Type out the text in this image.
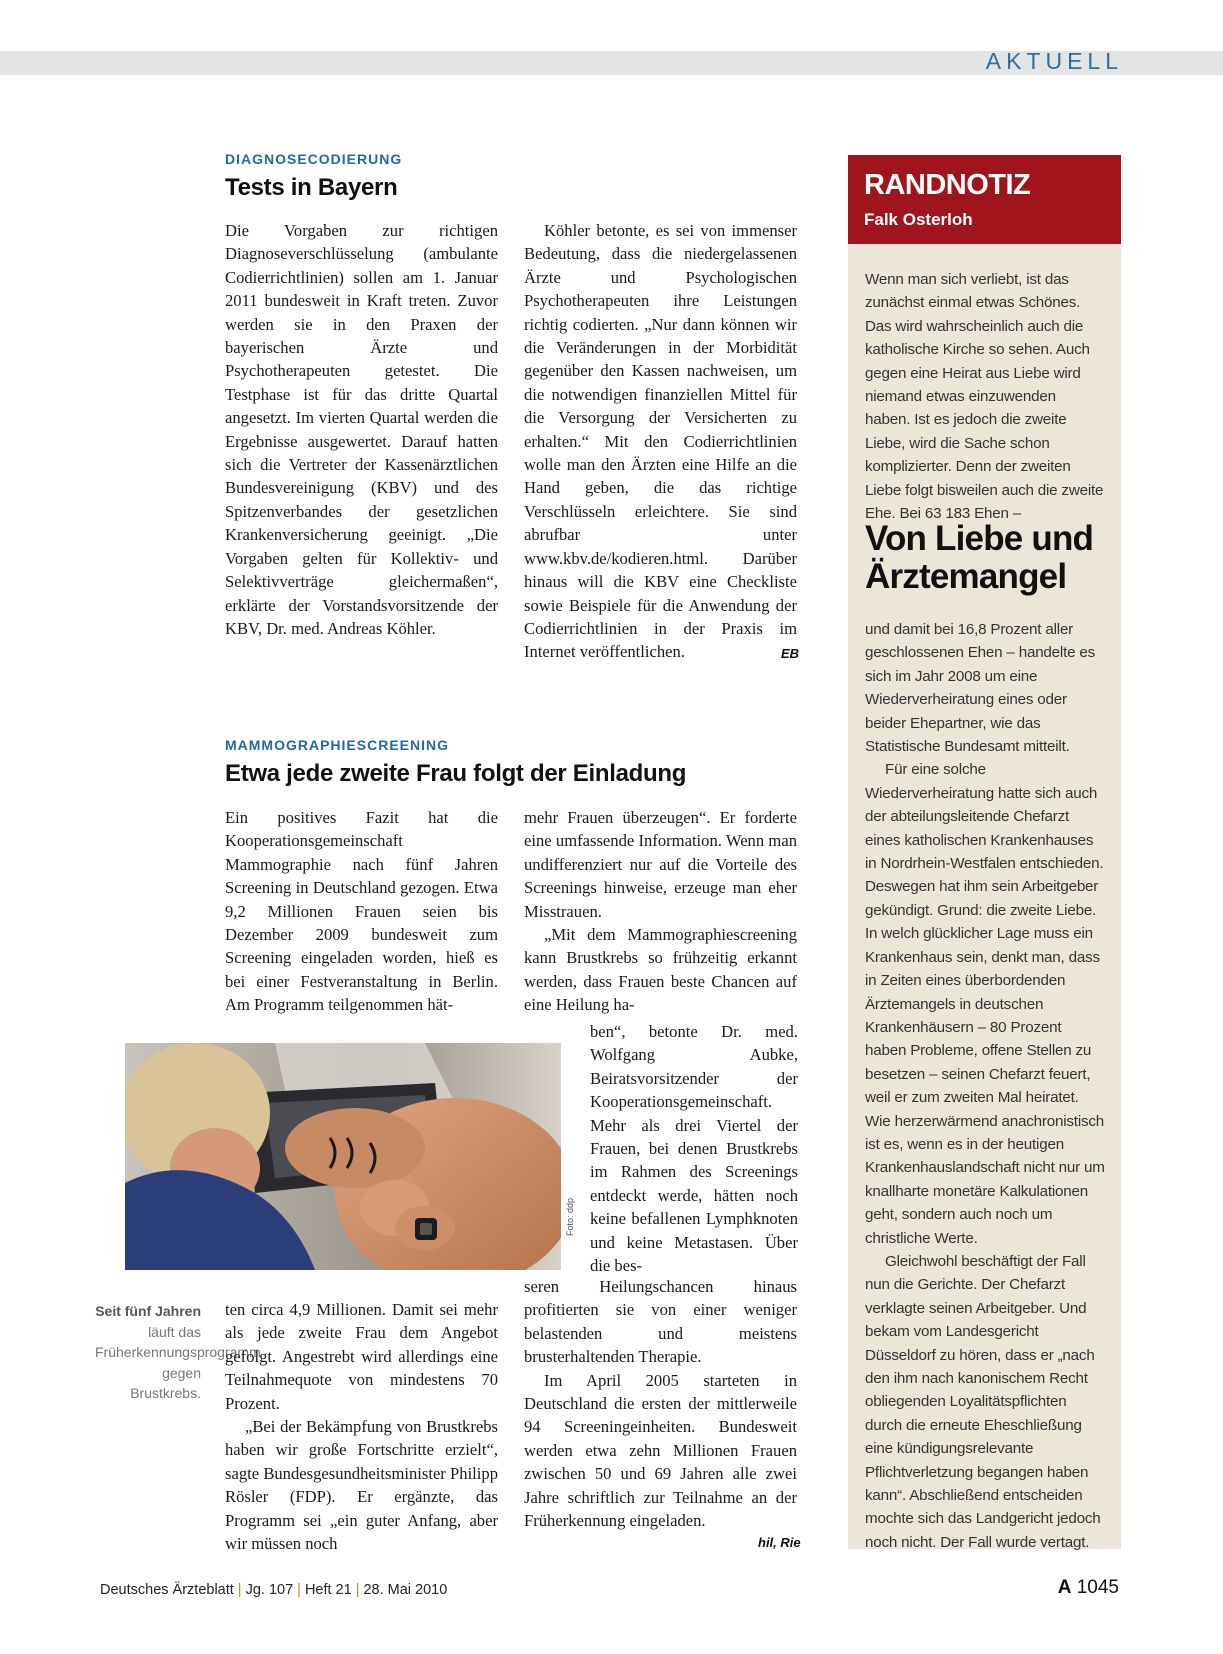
AKTUELL
DIAGNOSECODIERUNG
Tests in Bayern

Die Vorgaben zur richtigen Diagnoseverschlüsselung (ambulante Codierrichtlinien) sollen am 1. Januar 2011 bundesweit in Kraft treten. Zuvor werden sie in den Praxen der bayerischen Ärzte und Psychotherapeuten getestet. Die Testphase ist für das dritte Quartal angesetzt. Im vierten Quartal werden die Ergebnisse ausgewertet. Darauf hatten sich die Vertreter der Kassenärztlichen Bundesvereinigung (KBV) und des Spitzenverbandes der gesetzlichen Krankenversicherung geeinigt. „Die Vorgaben gelten für Kollektiv- und Selektivverträge gleichermaßen“, erklärte der Vorstandsvorsitzende der KBV, Dr. med. Andreas Köhler.

Köhler betonte, es sei von immenser Bedeutung, dass die niedergelassenen Ärzte und Psychologischen Psychotherapeuten ihre Leistungen richtig codierten. „Nur dann können wir die Veränderungen in der Morbidität gegenüber den Kassen nachweisen, um die notwendigen finanziellen Mittel für die Versorgung der Versicherten zu erhalten.“ Mit den Codierrichtlinien wolle man den Ärzten eine Hilfe an die Hand geben, die das richtige Verschlüsseln erleichtere. Sie sind abrufbar unter www.kbv.de/kodieren.html. Darüber hinaus will die KBV eine Checkliste sowie Beispiele für die Anwendung der Codierrichtlinien in der Praxis im Internet veröffentlichen.	EB
MAMMOGRAPHIESCREENING
Etwa jede zweite Frau folgt der Einladung

Ein positives Fazit hat die Kooperationsgemeinschaft Mammographie nach fünf Jahren Screening in Deutschland gezogen. Etwa 9,2 Millionen Frauen seien bis Dezember 2009 bundesweit zum Screening eingeladen worden, hieß es bei einer Festveranstaltung in Berlin. Am Programm teilgenommen hät-

Foto: ddp
Seit fünf Jahren läuft das Früherkennungsprogramm gegen Brustkrebs.

ten circa 4,9 Millionen. Damit sei mehr als jede zweite Frau dem Angebot gefolgt. Angestrebt wird allerdings eine Teilnahmequote von mindestens 70 Prozent.

„Bei der Bekämpfung von Brustkrebs haben wir große Fortschritte erzielt“, sagte Bundesgesundheitsminister Philipp Rösler (FDP). Er ergänzte, das Programm sei „ein guter Anfang, aber wir müssen noch

mehr Frauen überzeugen“. Er forderte eine umfassende Information. Wenn man undifferenziert nur auf die Vorteile des Screenings hinweise, erzeuge man eher Misstrauen.

„Mit dem Mammographiescreening kann Brustkrebs so frühzeitig erkannt werden, dass Frauen beste Chancen auf eine Heilung ha-

ben“, betonte Dr. med. Wolfgang Aubke, Beiratsvorsitzender der Kooperationsgemeinschaft. Mehr als drei Viertel der Frauen, bei denen Brustkrebs im Rahmen des Screenings entdeckt werde, hätten noch keine befallenen Lymphknoten und keine Metastasen. Über die bes-

seren Heilungschancen hinaus profitierten sie von einer weniger belastenden und meistens brusterhaltenden Therapie.

Im April 2005 starteten in Deutschland die ersten der mittlerweile 94 Screeningeinheiten. Bundesweit werden etwa zehn Millionen Frauen zwischen 50 und 69 Jahren alle zwei Jahre schriftlich zur Teilnahme an der Früherkennung eingeladen.

hil, Rie
RANDNOTIZ
Falk Osterloh

Wenn man sich verliebt, ist das zunächst einmal etwas Schönes. Das wird wahrscheinlich auch die katholische Kirche so sehen. Auch gegen eine Heirat aus Liebe wird niemand etwas einzuwenden haben. Ist es jedoch die zweite Liebe, wird die Sache schon komplizierter. Denn der zweiten Liebe folgt bisweilen auch die zweite Ehe. Bei 63 183 Ehen –

Von Liebe und Ärztemangel

und damit bei 16,8 Prozent aller geschlossenen Ehen – handelte es sich im Jahr 2008 um eine Wiederverheiratung eines oder beider Ehepartner, wie das Statistische Bundesamt mitteilt.

Für eine solche Wiederverheiratung hatte sich auch der abteilungsleitende Chefarzt eines katholischen Krankenhauses in Nordrhein-Westfalen entschieden. Deswegen hat ihm sein Arbeitgeber gekündigt. Grund: die zweite Liebe. In welch glücklicher Lage muss ein Krankenhaus sein, denkt man, dass in Zeiten eines überbordenden Ärztemangels in deutschen Krankenhäusern – 80 Prozent haben Probleme, offene Stellen zu besetzen – seinen Chefarzt feuert, weil er zum zweiten Mal heiratet. Wie herzerwärmend anachronistisch ist es, wenn es in der heutigen Krankenhauslandschaft nicht nur um knallharte monetäre Kalkulationen geht, sondern auch noch um christliche Werte.

Gleichwohl beschäftigt der Fall nun die Gerichte. Der Chefarzt verklagte seinen Arbeitgeber. Und bekam vom Landesgericht Düsseldorf zu hören, dass er „nach den ihm nach kanonischem Recht obliegenden Loyalitätspflichten durch die erneute Eheschließung eine kündigungsrelevante Pflichtverletzung begangen haben kann“. Abschließend entscheiden mochte sich das Landgericht jedoch noch nicht. Der Fall wurde vertagt.

Deutsches Ärzteblatt | Jg. 107 | Heft 21 | 28. Mai 2010	A 1045
